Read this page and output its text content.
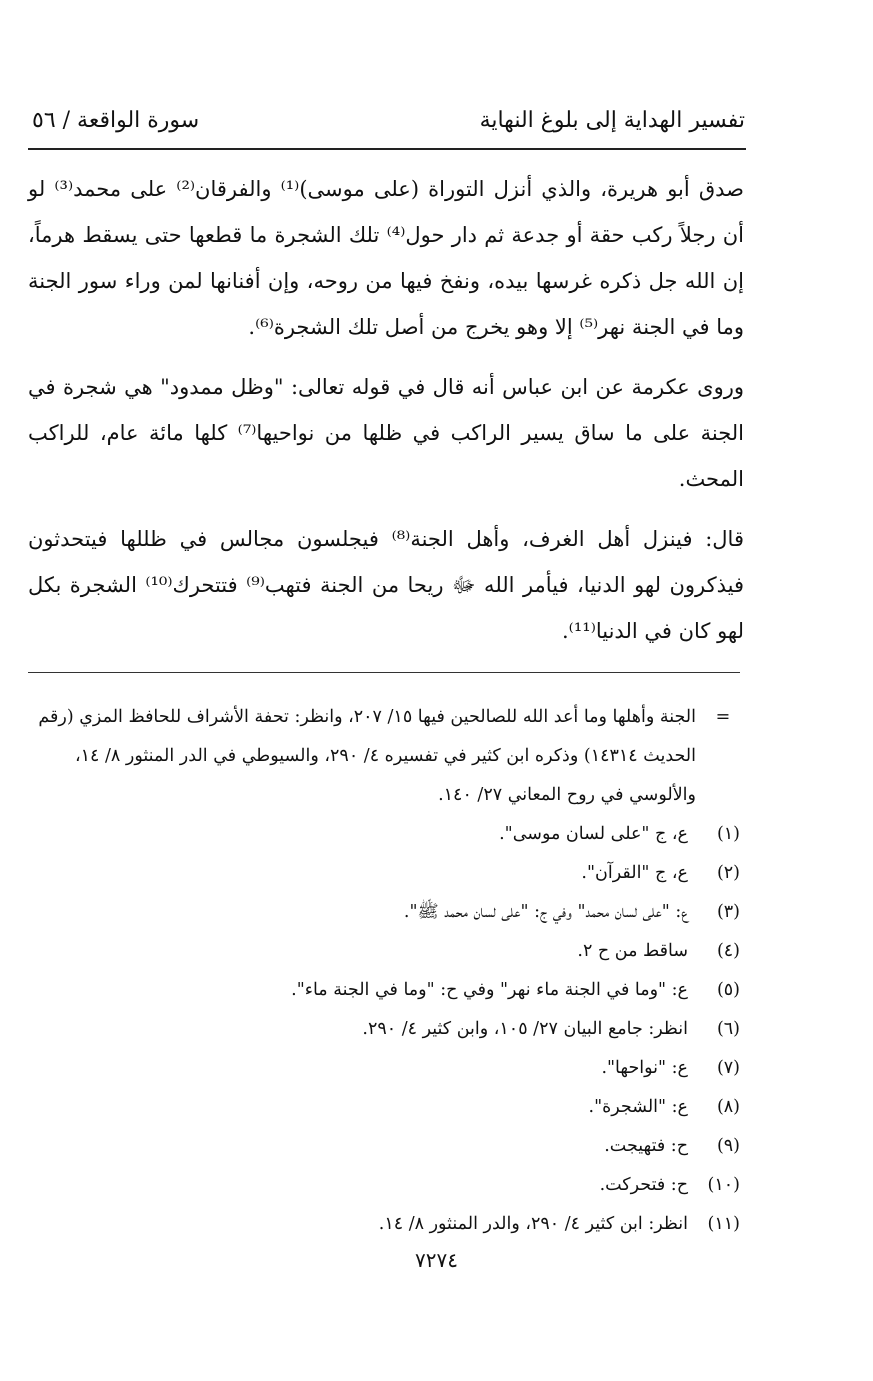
تفسير الهداية إلى بلوغ النهاية
سورة الواقعة / ٥٦

صدق أبو هريرة، والذي أنزل التوراة (على موسى)⁽¹⁾ والفرقان⁽²⁾ على محمد⁽³⁾ لو أن رجلاً ركب حقة أو جدعة ثم دار حول⁽⁴⁾ تلك الشجرة ما قطعها حتى يسقط هرماً، إن الله جل ذكره غرسها بيده، ونفخ فيها من روحه، وإن أفنانها لمن وراء سور الجنة وما في الجنة نهر⁽⁵⁾ إلا وهو يخرج من أصل تلك الشجرة⁽⁶⁾.

وروى عكرمة عن ابن عباس أنه قال في قوله تعالى: "وظل ممدود" هي شجرة في الجنة على ما ساق يسير الراكب في ظلها من نواحيها⁽⁷⁾ كلها مائة عام، للراكب المحث.

قال: فينزل أهل الغرف، وأهل الجنة⁽⁸⁾ فيجلسون مجالس في ظللها فيتحدثون فيذكرون لهو الدنيا، فيأمر الله ﷻ ريحا من الجنة فتهب⁽⁹⁾ فتتحرك⁽¹⁰⁾ الشجرة بكل لهو كان في الدنيا⁽¹¹⁾.

=
الجنة وأهلها وما أعد الله للصالحين فيها ١٥/ ٢٠٧، وانظر: تحفة الأشراف للحافظ المزي (رقم الحديث ١٤٣١٤) وذكره ابن كثير في تفسيره ٤/ ٢٩٠، والسيوطي في الدر المنثور ٨/ ١٤، والألوسي في روح المعاني ٢٧/ ١٤٠.
(١)
ع، ج "على لسان موسى".
(٢)
ع، ج "القرآن".
(٣)
ع: "على لسان محمد" وفي ج: "على لسان محمد ﷺ".
(٤)
ساقط من ح ٢.
(٥)
ع: "وما في الجنة ماء نهر" وفي ح: "وما في الجنة ماء".
(٦)
انظر: جامع البيان ٢٧/ ١٠٥، وابن كثير ٤/ ٢٩٠.
(٧)
ع: "نواحها".
(٨)
ع: "الشجرة".
(٩)
ح: فتهيجت.
(١٠)
ح: فتحركت.
(١١)
انظر: ابن كثير ٤/ ٢٩٠، والدر المنثور ٨/ ١٤.
٧٢٧٤
